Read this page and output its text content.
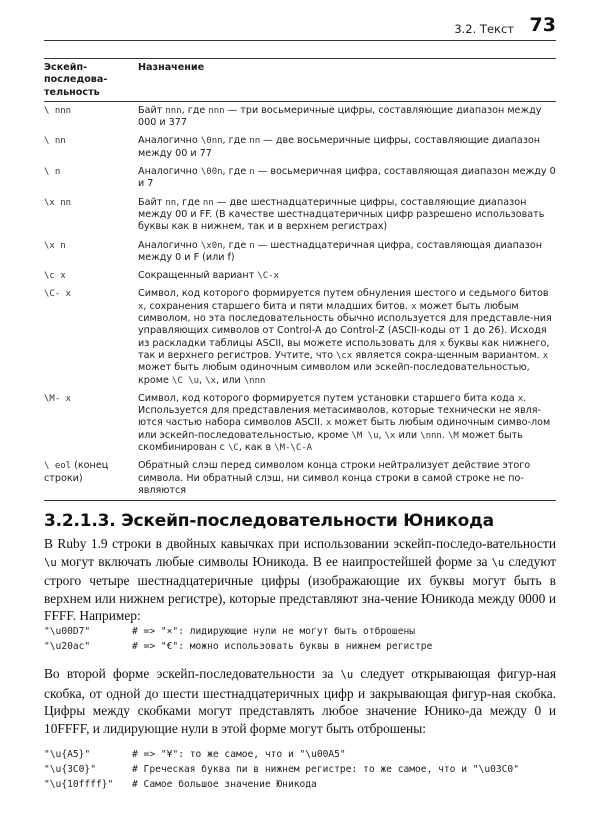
3.2. Текст 73
Эскейп-последова-тельность	Назначение
\ nnn	Байт nnn, где nnn — три восьмеричные цифры, составляющие диапазон между 000 и 377
\ nn	Аналогично \0nn, где nn — две восьмеричные цифры, составляющие диапазон между 00 и 77
\ n	Аналогично \00n, где n — восьмеричная цифра, составляющая диапазон между 0 и 7
\x nn	Байт nn, где nn — две шестнадцатеричные цифры, составляющие диапазон между 00 и FF. (В качестве шестнадцатеричных цифр разрешено использовать буквы как в нижнем, так и в верхнем регистрах)
\x n	Аналогично \x0n, где n — шестнадцатеричная цифра, составляющая диапазон между 0 и F (или f)
\c x	Сокращенный вариант \C-x
\C- x	Символ, код которого формируется путем обнуления шестого и седьмого битов x, сохранения старшего бита и пяти младших битов. x может быть любым символом, но эта последовательность обычно используется для представле-ния управляющих символов от Control-A до Control-Z (ASCII-коды от 1 до 26). Исходя из раскладки таблицы ASCII, вы можете использовать для x буквы как нижнего, так и верхнего регистров. Учтите, что \cx является сокра-щенным вариантом. x может быть любым одиночным символом или эскейп-последовательностью, кроме \C \u, \x, или \nnn
\M- x	Символ, код которого формируется путем установки старшего бита кода x. Используется для представления метасимволов, которые технически не явля-ются частью набора символов ASCII. x может быть любым одиночным симво-лом или эскейп-последовательностью, кроме \M \u, \x или \nnn. \M может быть скомбинирован с \C, как в \M-\C-A
\ eol (конец строки)	Обратный слэш перед символом конца строки нейтрализует действие этого символа. Ни обратный слэш, ни символ конца строки в самой строке не по-являются
3.2.1.3. Эскейп-последовательности Юникода
В Ruby 1.9 строки в двойных кавычках при использовании эскейп-последо-вательности \u могут включать любые символы Юникода. В ее наипростейшей форме за \u следуют строго четыре шестнадцатеричные цифры (изображающие их буквы могут быть в верхнем или нижнем регистре), которые представляют зна-чение Юникода между 0000 и FFFF. Например:
"\u00D7"	# => "×": лидирующие нули не могут быть отброшены
"\u20ac"	# => "€": можно использовать буквы в нижнем регистре
Во второй форме эскейп-последовательности за \u следует открывающая фигур-ная скобка, от одной до шести шестнадцатеричных цифр и закрывающая фигур-ная скобка. Цифры между скобками могут представлять любое значение Юнико-да между 0 и 10FFFF, и лидирующие нули в этой форме могут быть отброшены:
"\u{A5}"	# => "¥": то же самое, что и "\u00A5"
"\u{3C0}"	# Греческая буква пи в нижнем регистре: то же самое, что и "\u03C0"
"\u{10ffff}" # Самое большое значение Юникода
